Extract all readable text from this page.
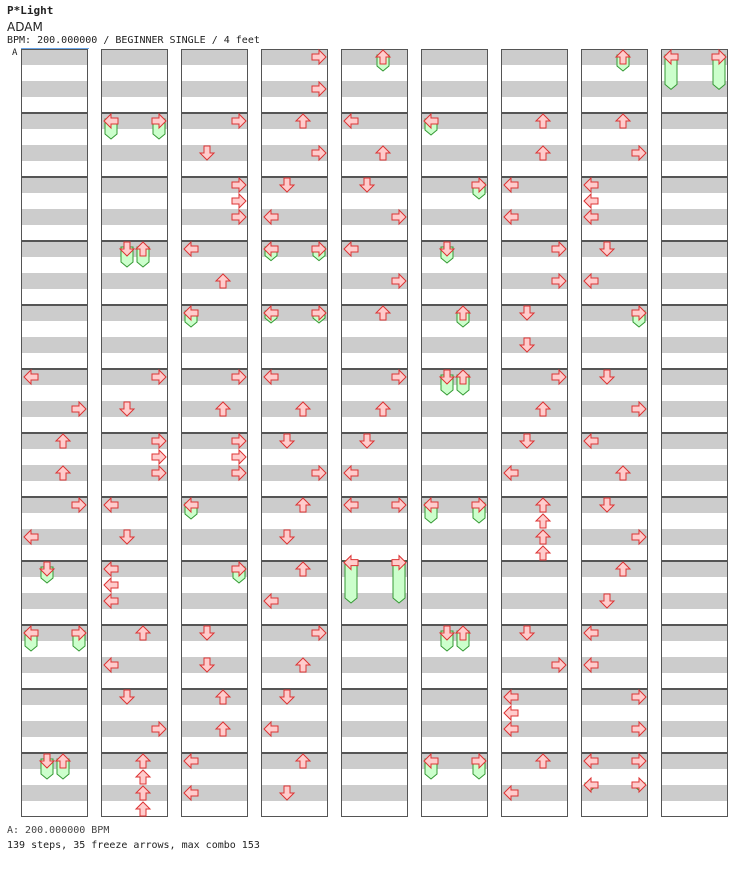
P*Light
ADAM
BPM: 200.000000 / BEGINNER SINGLE / 4 feet
A
A: 200.000000 BPM
139 steps, 35 freeze arrows, max combo 153
